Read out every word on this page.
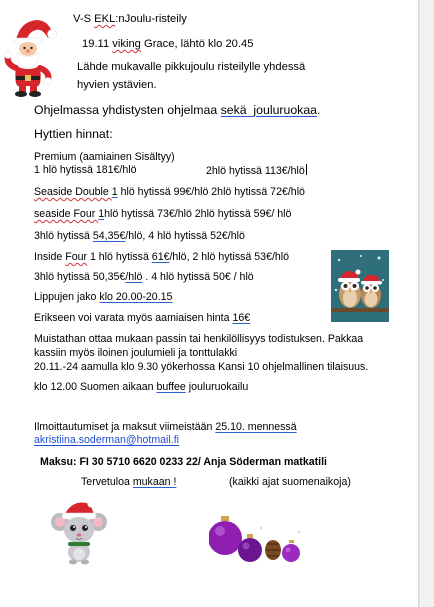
V-S EKL:nJoulu-risteily
19.11 viking Grace, lähtö klo 20.45
Lähde mukavalle pikkujoulu risteilylle yhdessä
hyvien ystävien.
Ohjelmassa yhdistysten ohjelmaa sekä jouluruokaa.
Hyttien hinnat:
Premium (aamiainen Sisältyy)
1 hlö hytissä 181€/hlö	2hlö hytissä 113€/hlö
Seaside Double 1 hlö hytissä 99€/hlö 2hlö hytissä 72€/hlö
seaside Four 1hlö hytissä 73€/hlö 2hlö hytissä 59€/ hlö
3hlö hytissä 54,35€/hlö, 4 hlö hytissä 52€/hlö
Inside Four 1 hlö hytissä 61€/hlö, 2 hlö hytissä 53€/hlö
3hlö hytissä 50,35€/hlö . 4 hlö hytissä 50€ / hlö
Lippujen jako klo 20.00-20.15
Erikseen voi varata myös aamiaisen hinta 16€
Muistathan ottaa mukaan passin tai henkilöllisyys todistuksen. Pakkaa
kassiin myös iloinen joulumieli ja tonttulakki
20.11.-24 aamulla klo 9.30 yökerhossa Kansi 10 ohjelmallinen tilaisuus.
klo 12.00 Suomen aikaan buffee jouluruokailu
Ilmoittautumiset ja maksut viimeistään 25.10. mennessä
akristiina.soderman@hotmail.fi
Maksu: FI 30 5710 6620 0233 22/ Anja Söderman matkatili
Tervetuloa mukaan !	(kaikki ajat suomenaikoja)
